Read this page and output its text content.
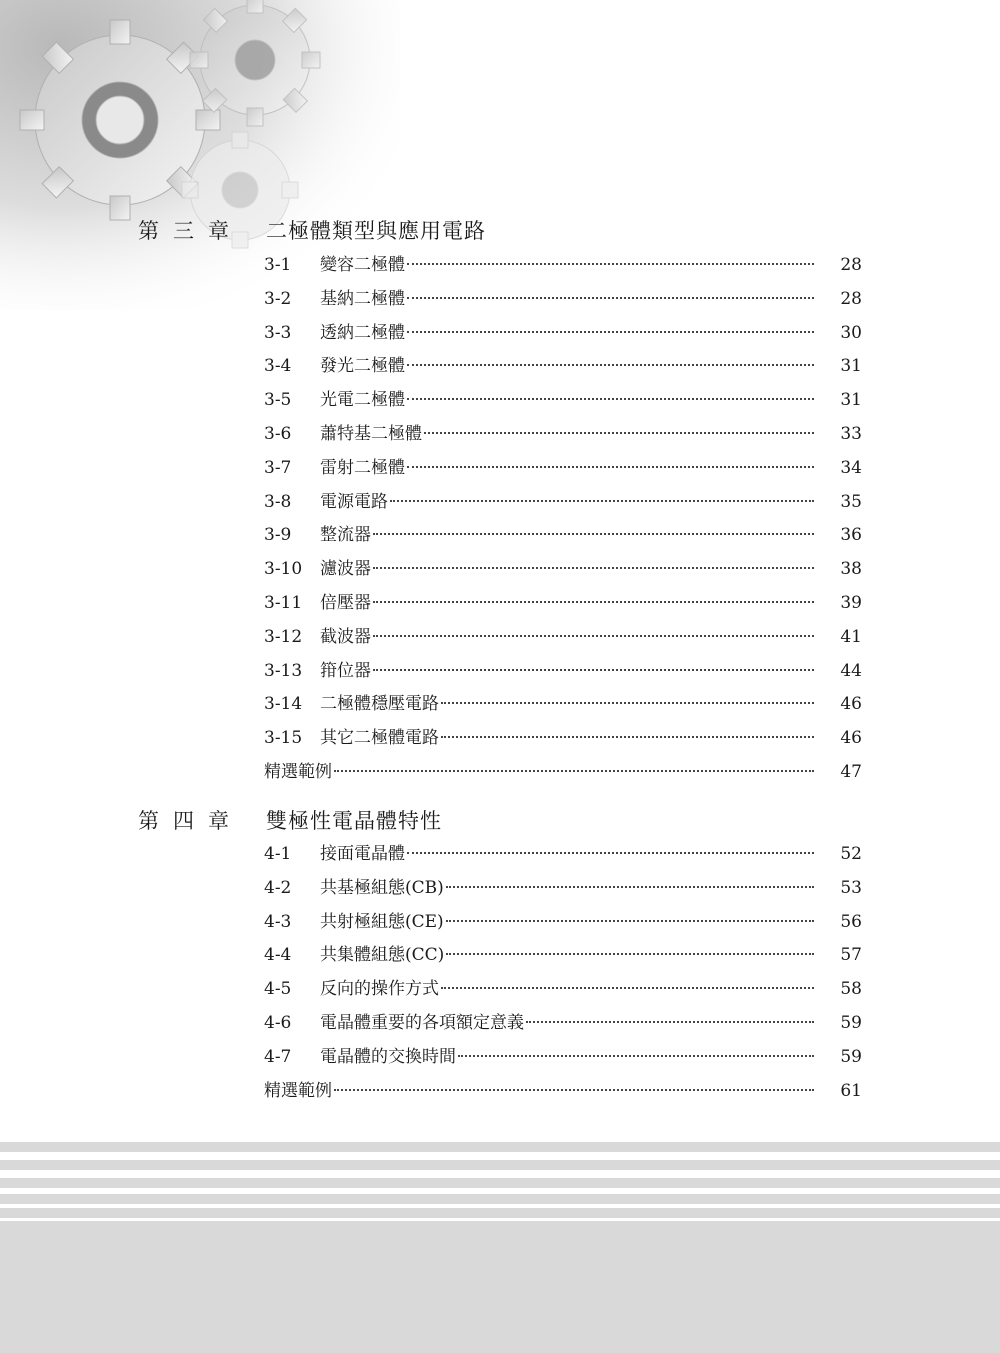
第三章 二極體類型與應用電路
3-1	變容二極體	28
3-2	基納二極體	28
3-3	透納二極體	30
3-4	發光二極體	31
3-5	光電二極體	31
3-6	蕭特基二極體	33
3-7	雷射二極體	34
3-8	電源電路	35
3-9	整流器	36
3-10	濾波器	38
3-11	倍壓器	39
3-12	截波器	41
3-13	箝位器	44
3-14	二極體穩壓電路	46
3-15	其它二極體電路	46
精選範例	47
第四章 雙極性電晶體特性
4-1	接面電晶體	52
4-2	共基極組態(CB)	53
4-3	共射極組態(CE)	56
4-4	共集體組態(CC)	57
4-5	反向的操作方式	58
4-6	電晶體重要的各項額定意義	59
4-7	電晶體的交換時間	59
精選範例	61
